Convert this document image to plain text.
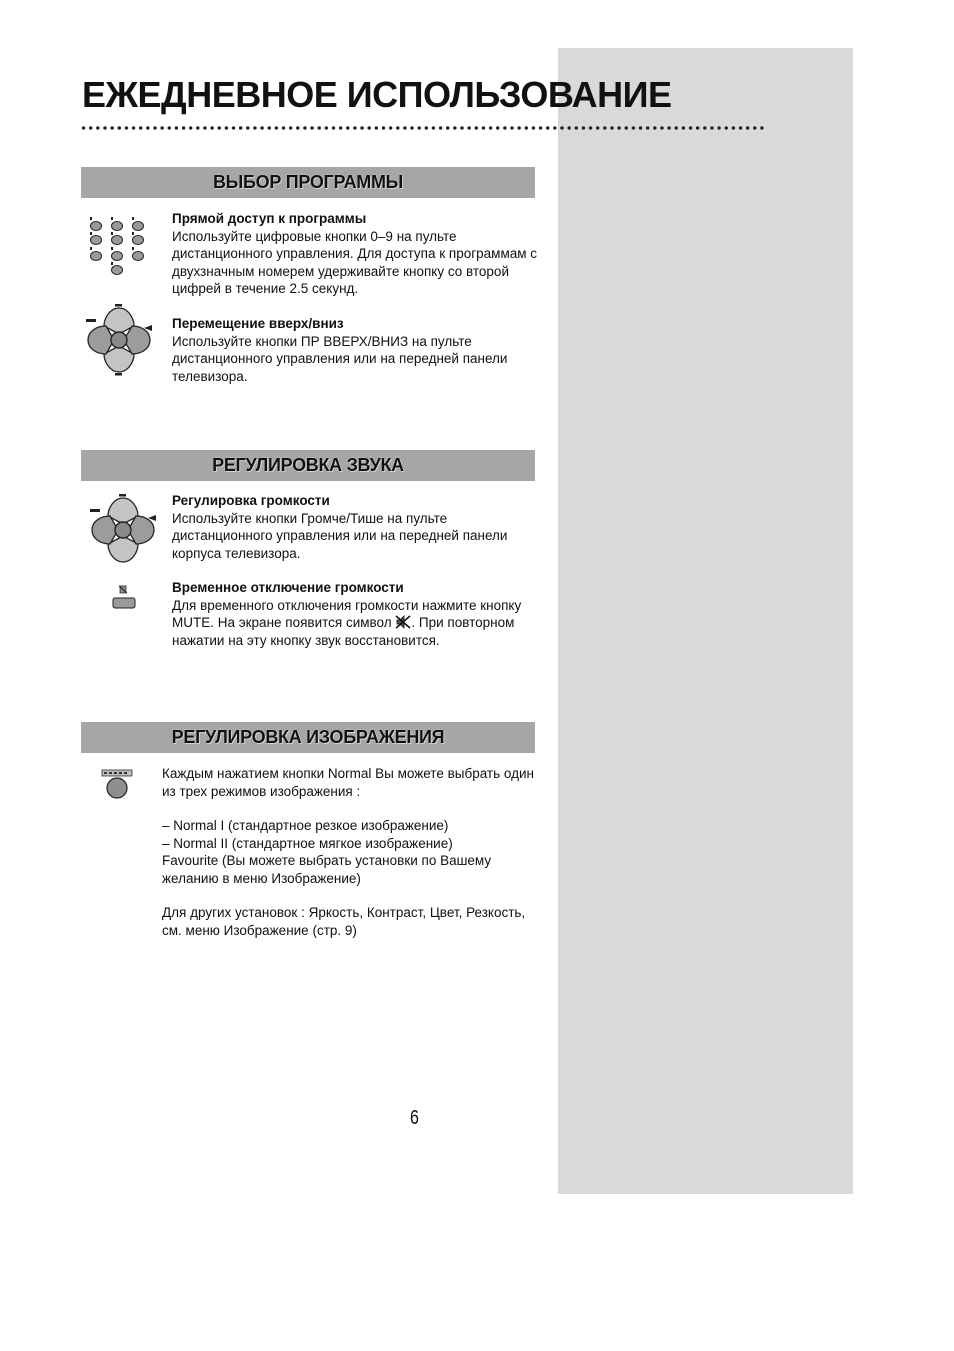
ЕЖЕДНЕВНОЕ ИСПОЛЬЗОВАНИЕ
ВЫБОР ПРОГРАММЫ
Прямой доступ к программы

Используйте цифровые кнопки 0–9 на пульте дистанционного управления. Для доступа к программам с двухзначным номерем удерживайте кнопку со второй цифрей в течение 2.5 секунд.

Перемещение вверх/вниз

Используйте кнопки ПР ВВЕРХ/ВНИЗ на пульте дистанционного управления или на передней панели телевизора.

РЕГУЛИРОВКА ЗВУКА
Регулировка громкости

Используйте кнопки Громче/Тише на пульте дистанционного управления или на передней панели корпуса телевизора.

Временное отключение громкости

Для временного отключения громкости нажмите кнопку MUTE. На экране появится символ . При повторном нажатии на эту кнопку звук восстановится.

РЕГУЛИРОВКА ИЗОБРАЖЕНИЯ

Каждым нажатием кнопки Normal Вы можете выбрать один из трех режимов изображения :

– Normal I (стандартное резкое изображение)

– Normal II (стандартное мягкое изображение)

Favourite (Вы можете выбрать установки по Вашему желанию в меню Изображение)

Для других установок : Яркость, Контраст, Цвет, Резкость, см. меню Изображение (стр. 9)

6
